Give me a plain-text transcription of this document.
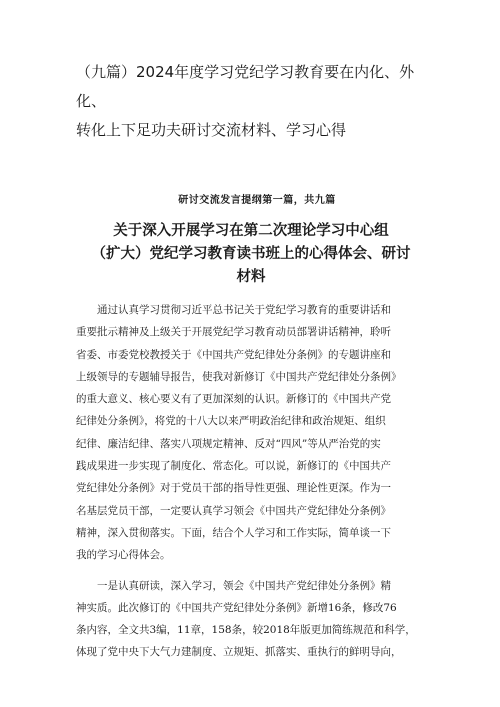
（九篇）2024年度学习党纪学习教育要在内化、外化、

转化上下足功夫研讨交流材料、学习心得

研讨交流发言提纲第一篇，共九篇

关于深入开展学习在第二次理论学习中心组

（扩大）党纪学习教育读书班上的心得体会、研讨

材料

通过认真学习贯彻习近平总书记关于党纪学习教育的重要讲话和

重要批示精神及上级关于开展党纪学习教育动员部署讲话精神，聆听

省委、市委党校教授关于《中国共产党纪律处分条例》的专题讲座和

上级领导的专题辅导报告，使我对新修订《中国共产党纪律处分条例》

的重大意义、核心要义有了更加深刻的认识。新修订的《中国共产党

纪律处分条例》，将党的十八大以来严明政治纪律和政治规矩、组织

纪律、廉洁纪律、落实八项规定精神、反对“四风”等从严治党的实

践成果进一步实现了制度化、常态化。可以说，新修订的《中国共产

党纪律处分条例》对于党员干部的指导性更强、理论性更深。作为一

名基层党员干部，一定要认真学习领会《中国共产党纪律处分条例》

精神，深入贯彻落实。下面，结合个人学习和工作实际，简单谈一下

我的学习心得体会。

一是认真研读，深入学习，领会《中国共产党纪律处分条例》精

神实质。此次修订的《中国共产党纪律处分条例》新增16条，修改76

条内容，全文共3编，11章，158条，较2018年版更加简练规范和科学，

体现了党中央下大气力建制度、立规矩、抓落实、重执行的鲜明导向，
